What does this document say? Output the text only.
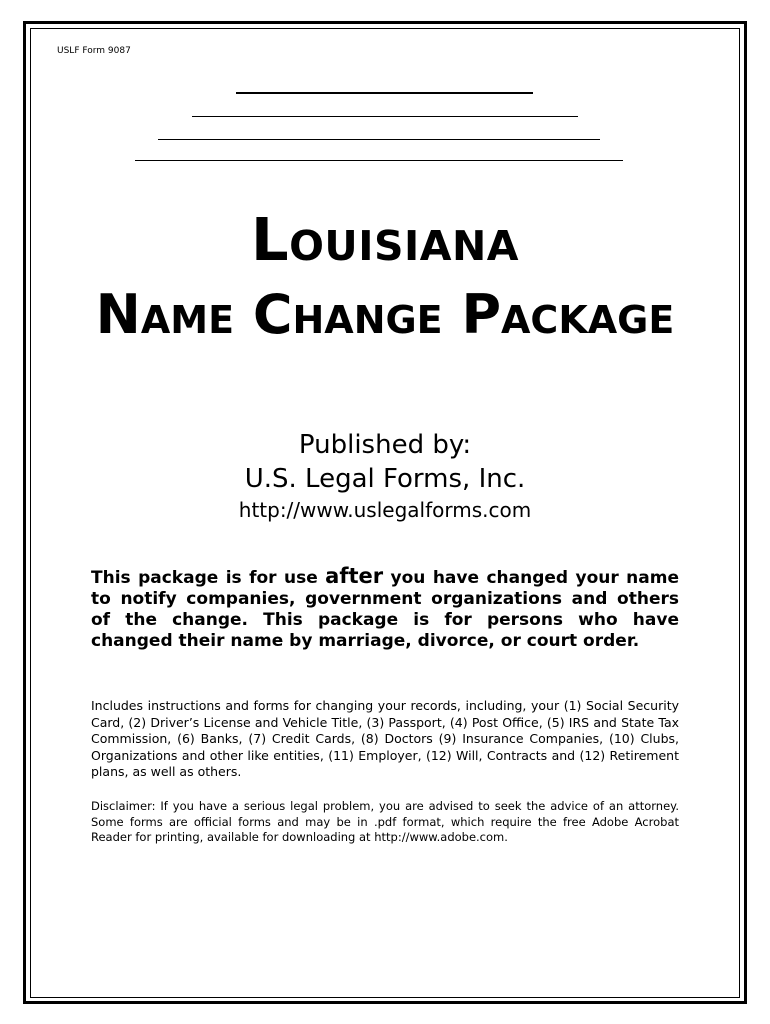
USLF Form 9087
Louisiana
Name Change Package
Published by:
U.S. Legal Forms, Inc.
http://www.uslegalforms.com
This package is for use after you have changed your name to notify companies, government organizations and others of the change. This package is for persons who have changed their name by marriage, divorce, or court order.
Includes instructions and forms for changing your records, including, your (1) Social Security Card, (2) Driver’s License and Vehicle Title, (3) Passport, (4) Post Office, (5) IRS and State Tax Commission, (6) Banks, (7) Credit Cards, (8) Doctors (9) Insurance Companies, (10) Clubs, Organizations and other like entities, (11) Employer, (12) Will, Contracts and (12) Retirement plans, as well as others.
Disclaimer: If you have a serious legal problem, you are advised to seek the advice of an attorney. Some forms are official forms and may be in .pdf format, which require the free Adobe Acrobat Reader for printing, available for downloading at http://www.adobe.com.
